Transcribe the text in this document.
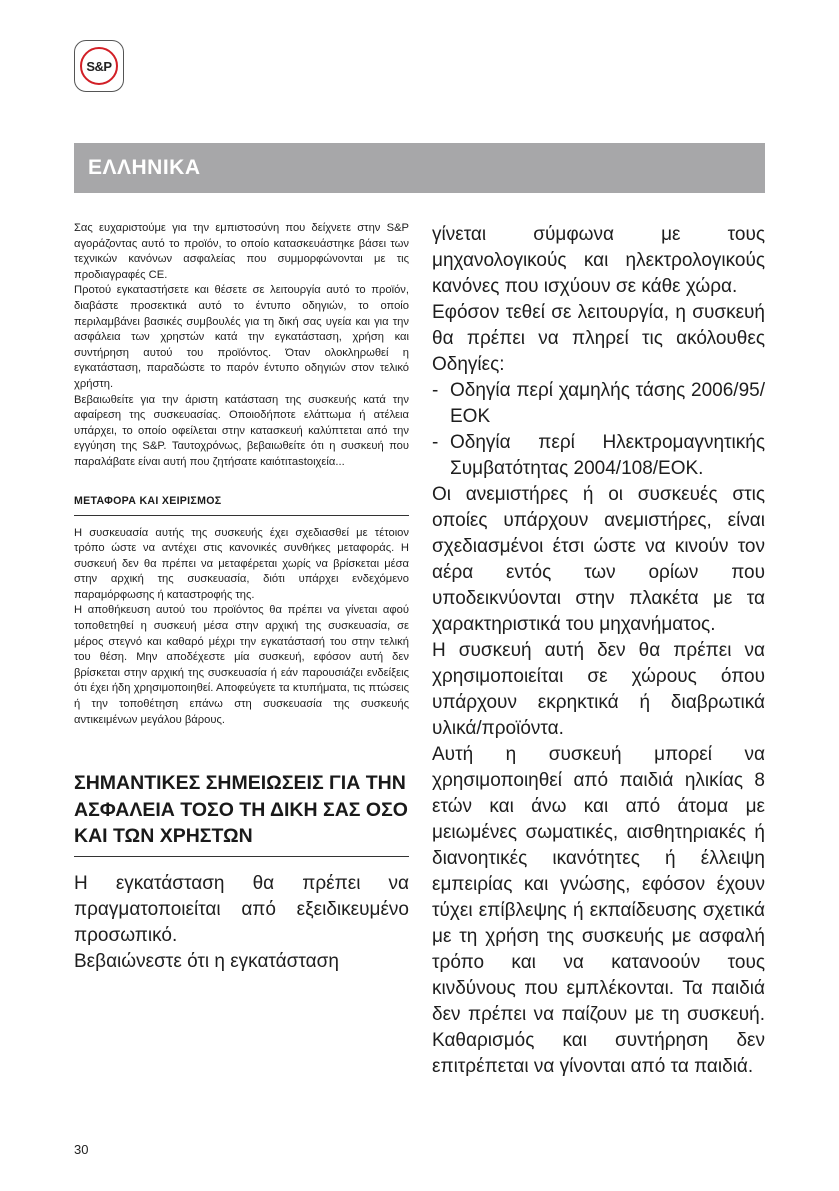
S&P
ΕΛΛΗΝΙΚΑ

Σας ευχαριστούμε για την εμπιστοσύνη που δείχνετε στην S&P αγοράζοντας αυτό το προϊόν, το οποίο κατασκευάστηκε βάσει των τεχνικών κανόνων ασφαλείας που συμμορφώνονται με τις προδιαγραφές CE.

Προτού εγκαταστήσετε και θέσετε σε λειτουργία αυτό το προϊόν, διαβάστε προσεκτικά αυτό το έντυπο οδηγιών, το οποίο περιλαμβάνει βασικές συμβουλές για τη δική σας υγεία και για την ασφάλεια των χρηστών κατά την εγκατάσταση, χρήση και συντήρηση αυτού του προϊόντος. Όταν ολοκληρωθεί η εγκατάσταση, παραδώστε το παρόν έντυπο οδηγιών στον τελικό χρήστη.

Βεβαιωθείτε για την άριστη κατάσταση της συσκευής κατά την αφαίρεση της συσκευασίας. Οποιοδήποτε ελάττωμα ή ατέλεια υπάρχει, το οποίο οφείλεται στην κατασκευή καλύπτεται από την εγγύηση της S&P. Ταυτοχρόνως, βεβαιωθείτε ότι η συσκευή που παραλάβατε είναι αυτή που ζητήσατε καιότιτastoιχεία...

ΜΕΤΑΦΟΡΑ ΚΑΙ ΧΕΙΡΙΣΜΟΣ

Η συσκευασία αυτής της συσκευής έχει σχεδιασθεί με τέτοιον τρόπο ώστε να αντέχει στις κανονικές συνθήκες μεταφοράς. Η συσκευή δεν θα πρέπει να μεταφέρεται χωρίς να βρίσκεται μέσα στην αρχική της συσκευασία, διότι υπάρχει ενδεχόμενο παραμόρφωσης ή καταστροφής της.

Η αποθήκευση αυτού του προϊόντος θα πρέπει να γίνεται αφού τοποθετηθεί η συσκευή μέσα στην αρχική της συσκευασία, σε μέρος στεγνό και καθαρό μέχρι την εγκατάστασή του στην τελική του θέση. Μην αποδέχεστε μία συσκευή, εφόσον αυτή δεν βρίσκεται στην αρχική της συσκευασία ή εάν παρουσιάζει ενδείξεις ότι έχει ήδη χρησιμοποιηθεί. Αποφεύγετε τα κτυπήματα, τις πτώσεις ή την τοποθέτηση επάνω στη συσκευασία της συσκευής αντικειμένων μεγάλου βάρους.

ΣΗΜΑΝΤΙΚΕΣ ΣΗΜΕΙΩΣΕΙΣ ΓΙΑ ΤΗΝ ΑΣΦΑΛΕΙΑ ΤΟΣΟ ΤΗ ΔΙΚΗ ΣΑΣ ΟΣΟ ΚΑΙ ΤΩΝ ΧΡΗΣΤΩΝ

Η εγκατάσταση θα πρέπει να πραγματοποιείται από εξειδικευμένο προσωπικό.

Βεβαιώνεστε ότι η εγκατάσταση

γίνεται σύμφωνα με τους μηχανολογικούς και ηλεκτρολογικούς κανόνες που ισχύουν σε κάθε χώρα.

Εφόσον τεθεί σε λειτουργία, η συσκευή θα πρέπει να πληρεί τις ακόλουθες Οδηγίες:

- Οδηγία περί χαμηλής τάσης 2006/95/ΕΟΚ
- Οδηγία περί Ηλεκτρομαγνητικής Συμβατότητας 2004/108/ΕΟΚ.

Οι ανεμιστήρες ή οι συσκευές στις οποίες υπάρχουν ανεμιστήρες, είναι σχεδιασμένοι έτσι ώστε να κινούν τον αέρα εντός των ορίων που υποδεικνύονται στην πλακέτα με τα χαρακτηριστικά του μηχανήματος.

Η συσκευή αυτή δεν θα πρέπει να χρησιμοποιείται σε χώρους όπου υπάρχουν εκρηκτικά ή διαβρωτικά υλικά/προϊόντα.

Αυτή η συσκευή μπορεί να χρησιμοποιηθεί από παιδιά ηλικίας 8 ετών και άνω και από άτομα με μειωμένες σωματικές, αισθητηριακές ή διανοητικές ικανότητες ή έλλειψη εμπειρίας και γνώσης, εφόσον έχουν τύχει επίβλεψης ή εκπαίδευσης σχετικά με τη χρήση της συσκευής με ασφαλή τρόπο και να κατανοούν τους κινδύνους που εμπλέκονται. Τα παιδιά δεν πρέπει να παίζουν με τη συσκευή. Καθαρισμός και συντήρηση δεν επιτρέπεται να γίνονται από τα παιδιά.

30
